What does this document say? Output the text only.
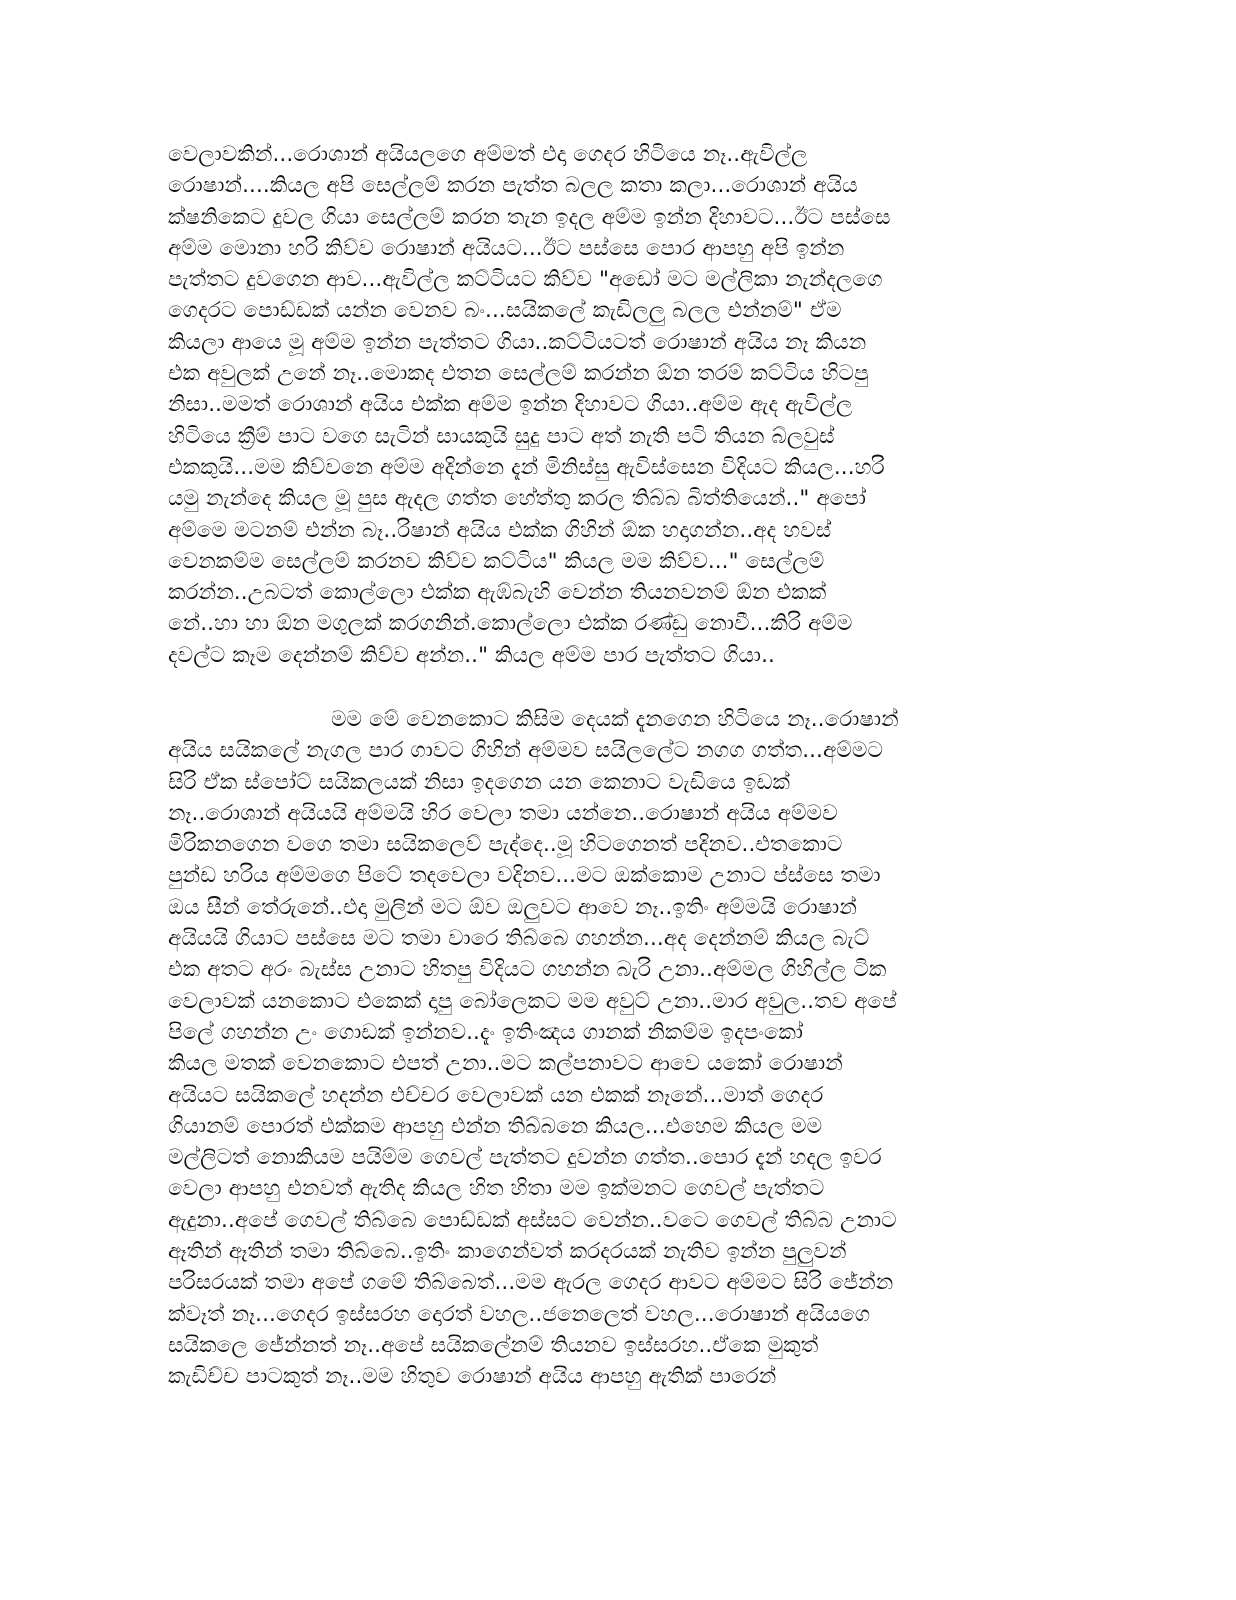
වෙලාවකින්...රොශාන් අයියලගෙ අම්මත් එදා ගෙදර හිටියෙ නෑ..ඇවිල්ල
රොෂාන්....කියල අපි සෙල්ලම් කරන පැත්ත බලල කතා කලා...රොශාන් අයිය
ක්ෂනිකෙට දුවල ගියා සෙල්ලම් කරන තැන ඉදල අම්ම ඉන්න දිහාවට...ඊට පස්සෙ
අම්ම මොනා හරි කිව්ව රොෂාන් අයියට...ඊට පස්සෙ පොර ආපහු අපි ඉන්න
පැත්තට දුවගෙන ආව...ඇවිල්ල කට්ටියට කිව්ව "අඩෝ මට මල්ලිකා නැන්දලගෙ
ගෙදරට පොඩ්ඩක් යන්න වෙනව බං...සයිකලේ කැඩිලලු බලල එන්නම්" ඒම
කියලා ආයෙ මූ අම්ම ඉන්න පැත්තට ගියා..කට්ටියටත් රොෂාන් අයිය නෑ කියන
එක අවුලක් උනේ නෑ..මොකද එතන සෙල්ලම් කරන්න ඕන තරම් කට්ටිය හිටපු
නිසා..මමත් රොශාන් අයිය එක්ක අම්ම ඉන්න දිහාවට ගියා..අම්ම ඇද ඇවිල්ල
හිටියෙ ක්‍රීම් පාට වගෙ සැටින් සායකුයි සුදු පාට අත් නැති පටි තියන බ්ලවුස්
එකකුයි...මම කිව්වනෙ අම්ම අදින්නෙ දැන් මිනිස්සු ඇවිස්සෙන විදියට කියල...හරි
යමු නැන්දෙ කියල මූ පුස ඇදල ගත්ත හේත්තු කරල තිබ්බ බිත්තියෙන්.." අපෝ
අම්මෙ මටනම් එන්න බෑ..රිෂාන් අයිය එක්ක ගිහින් ඕක හදාගන්න..අද හවස්
වෙනකම්ම සෙල්ලම් කරනව කිව්ව කට්ටිය" කියල මම කිව්ව..." සෙල්ලම්
කරන්න..උබටත් කොල්ලො එක්ක ඇඹ්බැහි වෙන්න තියනවනම් ඕන එකක්
නේ..හා හා ඕන මගුලක් කරගනින්.කොල්ලො එක්ක රණ්ඩු නොවී...කිරි අම්ම
දවල්ට කෑම දෙන්නම් කිව්ව අන්න.." කියල අම්ම පාර පැත්තට ගියා..
මම මේ වෙනකොට කිසිම දෙයක් දැනගෙන හිටියෙ නෑ..රොෂාන්
අයිය සයිකලේ නැගල පාර ගාවට ගිහින් අම්මව සයිලලේට නගග ගත්ත...අම්මට
සිරි ඒක ස්පෝට් සයිකලයක් නිසා ඉදගෙන යන කෙනාට වැඩියෙ ඉඩක්
නෑ..රොශාන් අයියයි අම්මයි හිර වෙලා තමා යන්නෙ..රොෂාන් අයිය අම්මව
මිරිකනගෙන වගෙ තමා සයිකලෙව් පැද්දෙ..මූ හිටගෙනත් පදිනව..එතකොට
පුන්ඩ හරිය අම්මගෙ පිටේ තදවෙලා වදිනව...මට ඔක්කොම උනාට ප්ස්සෙ තමා
ඔය සීන් තේරුනේ..එදා මුලින් මට ඕව ඔලුවට ආවෙ නෑ..ඉතිං අම්මයි රොෂාන්
අයියයි ගියාට පස්සෙ මට තමා වාරෙ තිබ්බෙ ගහන්න...අද දෙන්නම් කියල බැට්
එක අතට අරං බැස්ස උනාට හිතපු විදියට ගහන්න බැරි උනා..අම්මල ගිහිල්ල ටික
වෙලාවක් යනකොට එකෙක් දාපු බෝලෙකට මම අවුට් උනා..මාර අවුල..තව අපේ
පිලේ ගහන්න උං ගොඩක් ඉන්නව..දැං ඉතිංඤය ගානක් නිකම්ම ඉදපංකෝ
කියල මතක් වෙනකොට එපත් උනා..මට කල්පනාවට ආවෙ යකෝ රොෂාන්
අයියට සයිකලේ හදන්න එච්චර වෙලාවක් යන එකක් නෑනේ...මාත් ගෙදර
ගියානම් පොරත් එක්කම ආපහු එන්න තිබ්බනෙ කියල...එහෙම කියල මම
මල්ලිටත් නොකියම පයිම්ම ගෙවල් පැත්තට දුවන්න ගත්ත..පොර දැන් හදල ඉවර
වෙලා ආපහු එනවත් ඇතිද කියල හිත හිතා මම ඉක්මනට ගෙවල් පැත්තට
ඇදුනා..අපේ ගෙවල් තිබ්බෙ පොඩ්ඩක් අස්සට වෙන්න..වටෙ ගෙවල් තිබ්බ උනාට
ඈතින් ඈතින් තමා තිබ්බෙ..ඉතිං කාගෙන්වත් කරදරයක් නැතිව ඉන්න පුලුවන්
පරිසරයක් තමා අපේ ගමේ තිබ්බෙත්...මම ඇරල ගෙදර ආවට අම්මට සිරි ජේන්න
ක්වෑත් නෑ...ගෙදර ඉස්සරහ දොරත් වහල..ජනෙලෙත් වහල...රොෂාන් අයියගෙ
සයිකලෙ ජේන්නත් නෑ..අපේ සයිකලේනම් තියනව ඉස්සරහ..ඒකෙ මුකුත්
කැඩිච්ච පාටකුත් නෑ..මම හිතුව රොෂාන් අයිය ආපහු ඇතික් පාරෙන්
